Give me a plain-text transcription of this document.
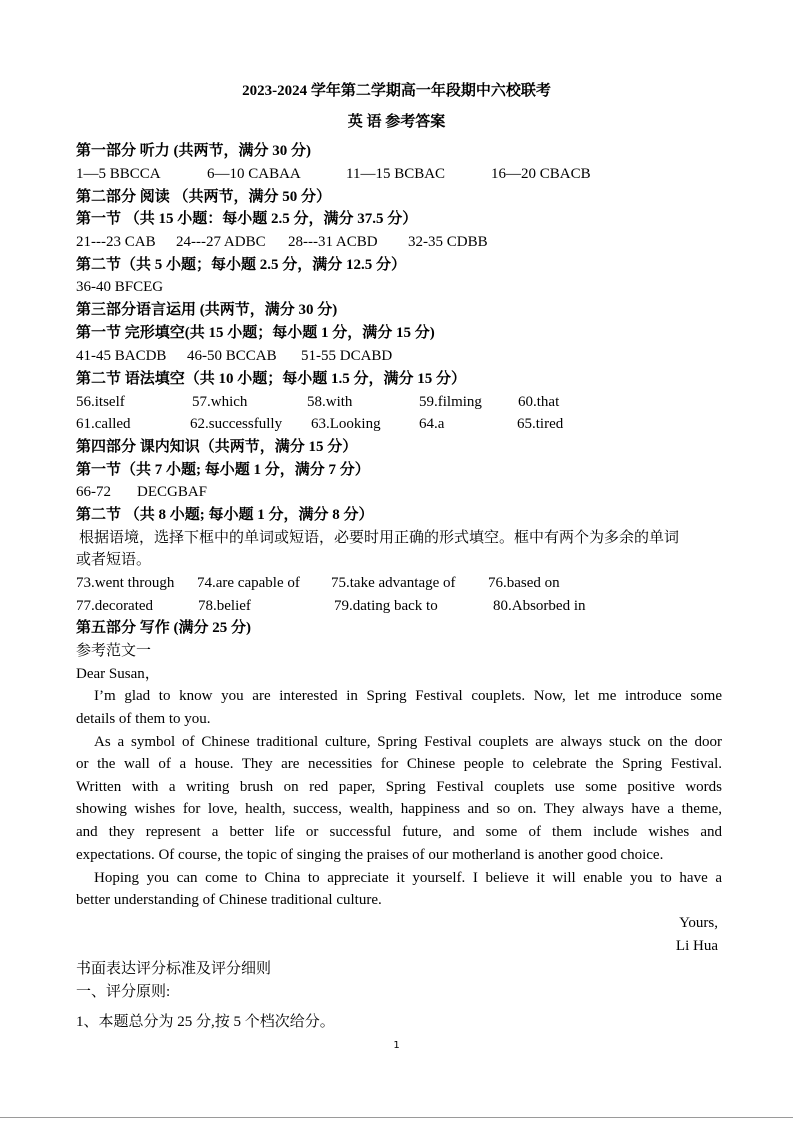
2023-2024 学年第二学期高一年段期中六校联考
英 语 参考答案
第一部分 听力 (共两节，满分 30 分)
1—5 BBCCA	6—10 CABAA	11—15 BCBAC	16—20 CBACB
第二部分 阅读 （共两节，满分 50 分）
第一节 （共 15 小题：每小题 2.5 分，满分 37.5 分）
21---23 CAB 24---27 ADBC 28---31 ACBD 32-35 CDBB
第二节（共 5 小题；每小题 2.5 分，满分 12.5 分）
36-40 BFCEG
第三部分语言运用 (共两节，满分 30 分)
第一节 完形填空(共 15 小题；每小题 1 分，满分 15 分)
41-45 BACDB 46-50 BCCAB 51-55 DCABD
第二节 语法填空（共 10 小题；每小题 1.5 分，满分 15 分）
56.itself	57.which	58.with	59.filming 60.that
61.called	62.successfully 63.Looking	64.a	65.tired
第四部分 课内知识（共两节，满分 15 分）
第一节（共 7 小题; 每小题 1 分，满分 7 分）
66-72 DECGBAF
第二节 （共 8 小题; 每小题 1 分，满分 8 分）
根据语境，选择下框中的单词或短语，必要时用正确的形式填空。框中有两个为多余的单词
或者短语。
73.went through 74.are capable of 75.take advantage of 76.based on
77.decorated	78.belief	79.dating back to	80.Absorbed in
第五部分 写作 (满分 25 分)
参考范文一
Dear Susan，
I’m glad to know you are interested in Spring Festival couplets. Now, let me introduce some
details of them to you.
As a symbol of Chinese traditional culture, Spring Festival couplets are always stuck on the door
or the wall of a house. They are necessities for Chinese people to celebrate the Spring Festival.
Written with a writing brush on red paper, Spring Festival couplets use some positive words
showing wishes for love, health, success, wealth, happiness and so on. They always have a theme,
and they represent a better life or successful future, and some of them include wishes and
expectations. Of course, the topic of singing the praises of our motherland is another good choice.
Hoping you can come to China to appreciate it yourself. I believe it will enable you to have a
better understanding of Chinese traditional culture.
Yours,
Li Hua
书面表达评分标准及评分细则
一、评分原则:
1、本题总分为 25 分,按 5 个档次给分。
1
